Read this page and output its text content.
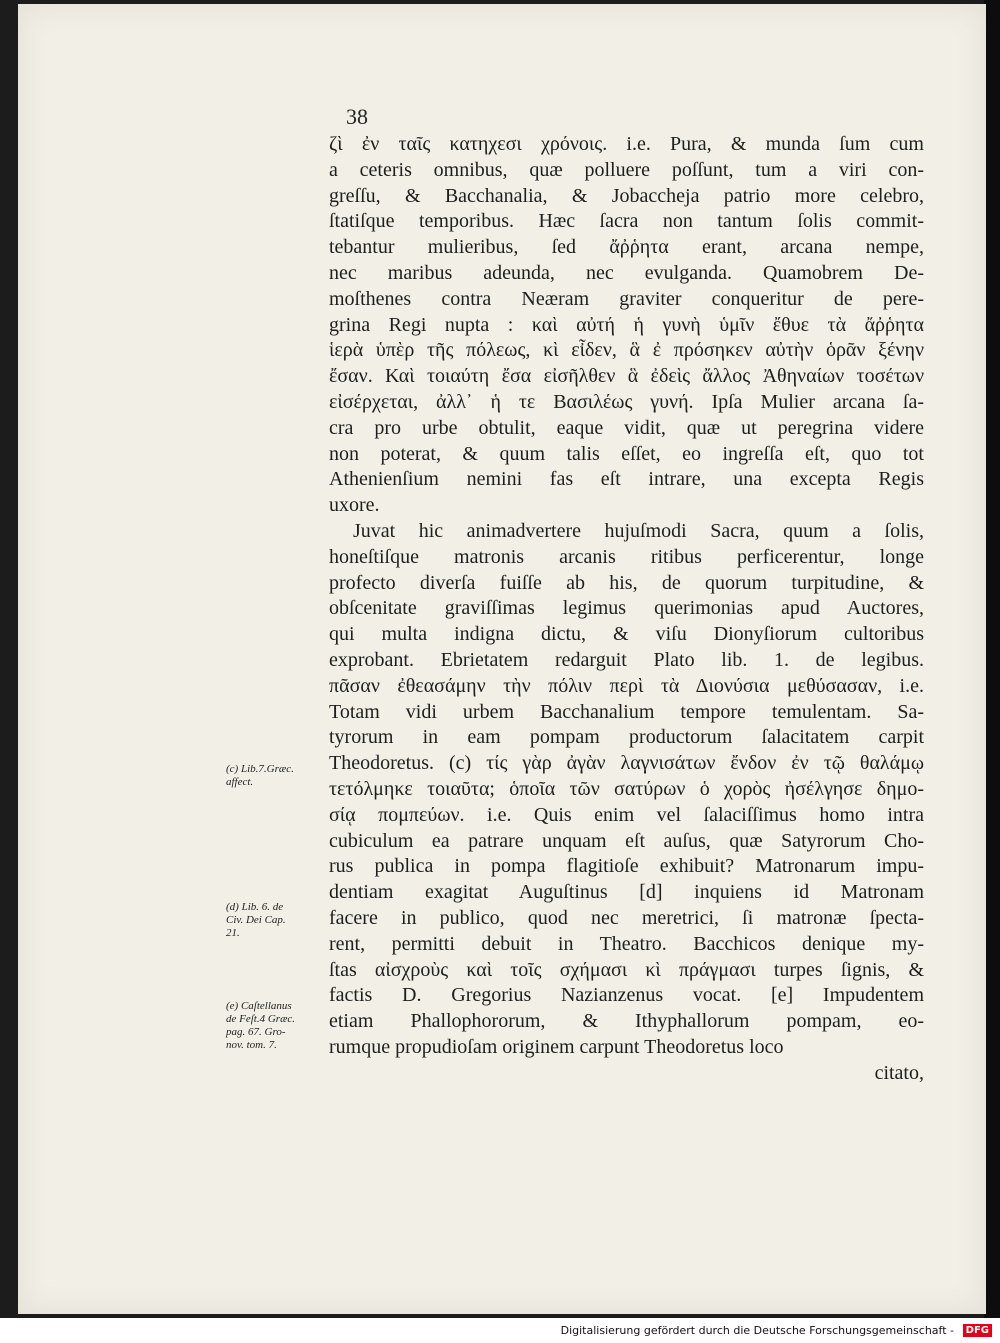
38
ζὶ ἐν ταῖς κατηχεσι χρόνοις. i.e. Pura, & munda ſum cum
a ceteris omnibus, quæ polluere poſſunt, tum a viri con-
greſſu, & Bacchanalia, & Jobaccheja patrio more celebro,
ſtatiſque temporibus. Hæc ſacra non tantum ſolis commit-
tebantur mulieribus, ſed ἄῤῥητα erant, arcana nempe,
nec maribus adeunda, nec evulganda. Quamobrem De-
moſthenes contra Neæram graviter conqueritur de pere-
grina Regi nupta : καὶ αὐτή ἡ γυνὴ ὑμῖν ἔθυε τὰ ἄῤῥητα
ἱερὰ ὑπὲρ τῆς πόλεως, κὶ εἶδεν, ἃ ἐ πρόσηκεν αὐτὴν ὁρᾶν ξένην
ἔσαν. Καὶ τοιαύτη ἔσα εἰσῆλθεν ἃ ἐδεὶς ἄλλος Ἀθηναίων τοσέτων
εἰσέρχεται, ἀλλ᾽ ἡ τε Βασιλέως γυνή. Ipſa Mulier arcana ſa-
cra pro urbe obtulit, eaque vidit, quæ ut peregrina videre
non poterat, & quum talis eſſet, eo ingreſſa eſt, quo tot
Athenienſium nemini fas eſt intrare, una excepta Regis
uxore.
Juvat hic animadvertere hujuſmodi Sacra, quum a ſolis,
honeſtiſque matronis arcanis ritibus perficerentur, longe
profecto diverſa fuiſſe ab his, de quorum turpitudine, &
obſcenitate graviſſimas legimus querimonias apud Auctores,
qui multa indigna dictu, & viſu Dionyſiorum cultoribus
exprobant. Ebrietatem redarguit Plato lib. 1. de legibus.
πᾶσαν ἐθεασάμην τὴν πόλιν περὶ τὰ Διονύσια μεθύσασαν, i.e.
Totam vidi urbem Bacchanalium tempore temulentam. Sa-
tyrorum in eam pompam productorum ſalacitatem carpit
Theodoretus. (c) τίς γὰρ ἀγὰν λαγνισάτων ἔνδον ἐν τῷ θαλάμῳ
τετόλμηκε τοιαῦτα; ὁποῖα τῶν σατύρων ὁ χορὸς ἠσέλγησε δημο-
σίᾳ πομπεύων. i.e. Quis enim vel ſalaciſſimus homo intra
cubiculum ea patrare unquam eſt auſus, quæ Satyrorum Cho-
rus publica in pompa flagitioſe exhibuit? Matronarum impu-
dentiam exagitat Auguſtinus [d] inquiens id Matronam
facere in publico, quod nec meretrici, ſi matronæ ſpecta-
rent, permitti debuit in Theatro. Bacchicos denique my-
ſtas αἰσχροὺς καὶ τοῖς σχήμασι κὶ πράγμασι turpes ſignis, &
factis D. Gregorius Nazianzenus vocat. [e] Impudentem
etiam Phallophororum, & Ithyphallorum pompam, eo-
rumque propudioſam originem carpunt Theodoretus loco
citato,
(c) Lib.7.Græc.
affect.
(d) Lib. 6. de
Civ. Dei Cap.
21.
(e) Caſtellanus
de Feſt.4 Græc.
pag. 67. Gro-
nov. tom. 7.
Digitalisierung gefördert durch die Deutsche Forschungsgemeinschaft -	DFG
